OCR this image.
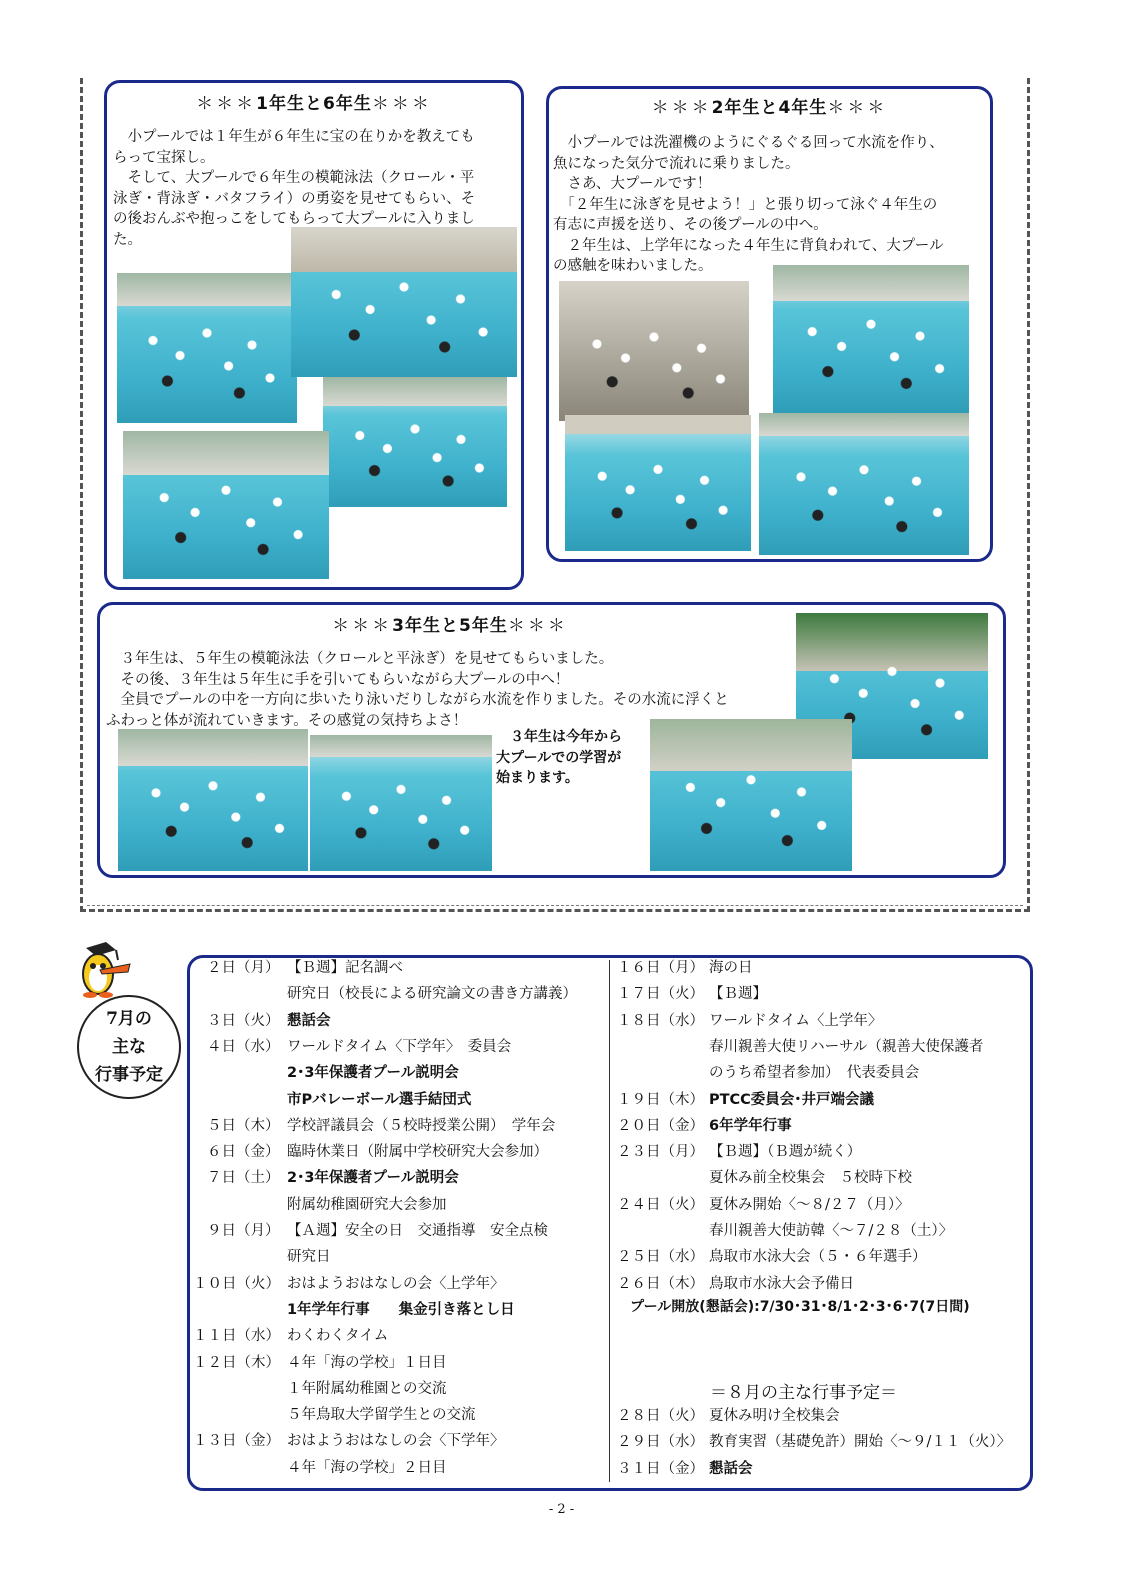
＊＊＊1年生と6年生＊＊＊

　小プールでは１年生が６年生に宝の在りかを教えても

らって宝探し。

　そして、大プールで６年生の模範泳法（クロール・平

泳ぎ・背泳ぎ・バタフライ）の勇姿を見せてもらい、そ

の後おんぶや抱っこをしてもらって大プールに入りまし

た。

＊＊＊2年生と4年生＊＊＊

　小プールでは洗濯機のようにぐるぐる回って水流を作り、

魚になった気分で流れに乗りました。

　さあ、大プールです！

　「２年生に泳ぎを見せよう！」と張り切って泳ぐ４年生の

有志に声援を送り、その後プールの中へ。

　２年生は、上学年になった４年生に背負われて、大プール

の感触を味わいました。

＊＊＊3年生と5年生＊＊＊

　３年生は、５年生の模範泳法（クロールと平泳ぎ）を見せてもらいました。

　その後、３年生は５年生に手を引いてもらいながら大プールの中へ！

　全員でプールの中を一方向に歩いたり泳いだりしながら水流を作りました。その水流に浮くと

ふわっと体が流れていきます。その感覚の気持ちよさ！

　３年生は今年から

大プールでの学習が

始まります。

7月の
主な
行事予定
２日（月） 【Ｂ週】記名調べ
研究日（校長による研究論文の書き方講義）
３日（火） 懇話会
４日（水） ワールドタイム〈下学年〉　委員会
2･3年保護者プール説明会
市Pバレーボール選手結団式
５日（木） 学校評議員会（５校時授業公開）　学年会
６日（金） 臨時休業日（附属中学校研究大会参加）
７日（土） 2･3年保護者プール説明会
附属幼稚園研究大会参加
９日（月） 【Ａ週】安全の日　交通指導　安全点検
研究日
１０日（火） おはようおはなしの会〈上学年〉
1年学年行事　　集金引き落とし日
１１日（水） わくわくタイム
１２日（木） ４年「海の学校」１日目
１年附属幼稚園との交流
５年鳥取大学留学生との交流
１３日（金） おはようおはなしの会〈下学年〉
４年「海の学校」２日目
１６日（月） 海の日
１７日（火） 【Ｂ週】
１８日（水） ワールドタイム〈上学年〉
春川親善大使リハーサル（親善大使保護者
のうち希望者参加）　代表委員会
１９日（木） PTCC委員会･井戸端会議
２０日（金） 6年学年行事
２３日（月） 【Ｂ週】（Ｂ週が続く）
夏休み前全校集会　５校時下校
２４日（火） 夏休み開始〈～８/２７（月）〉
春川親善大使訪韓〈～７/２８（土）〉
２５日（水） 鳥取市水泳大会（５・６年選手）
２６日（木） 鳥取市水泳大会予備日
プール開放(懇話会):7/30･31･8/1･2･3･6･7(7日間)
＝８月の主な行事予定＝
２８日（火） 夏休み明け全校集会
２９日（水） 教育実習（基礎免許）開始〈～９/１１（火）〉
３１日（金） 懇話会
- 2 -
